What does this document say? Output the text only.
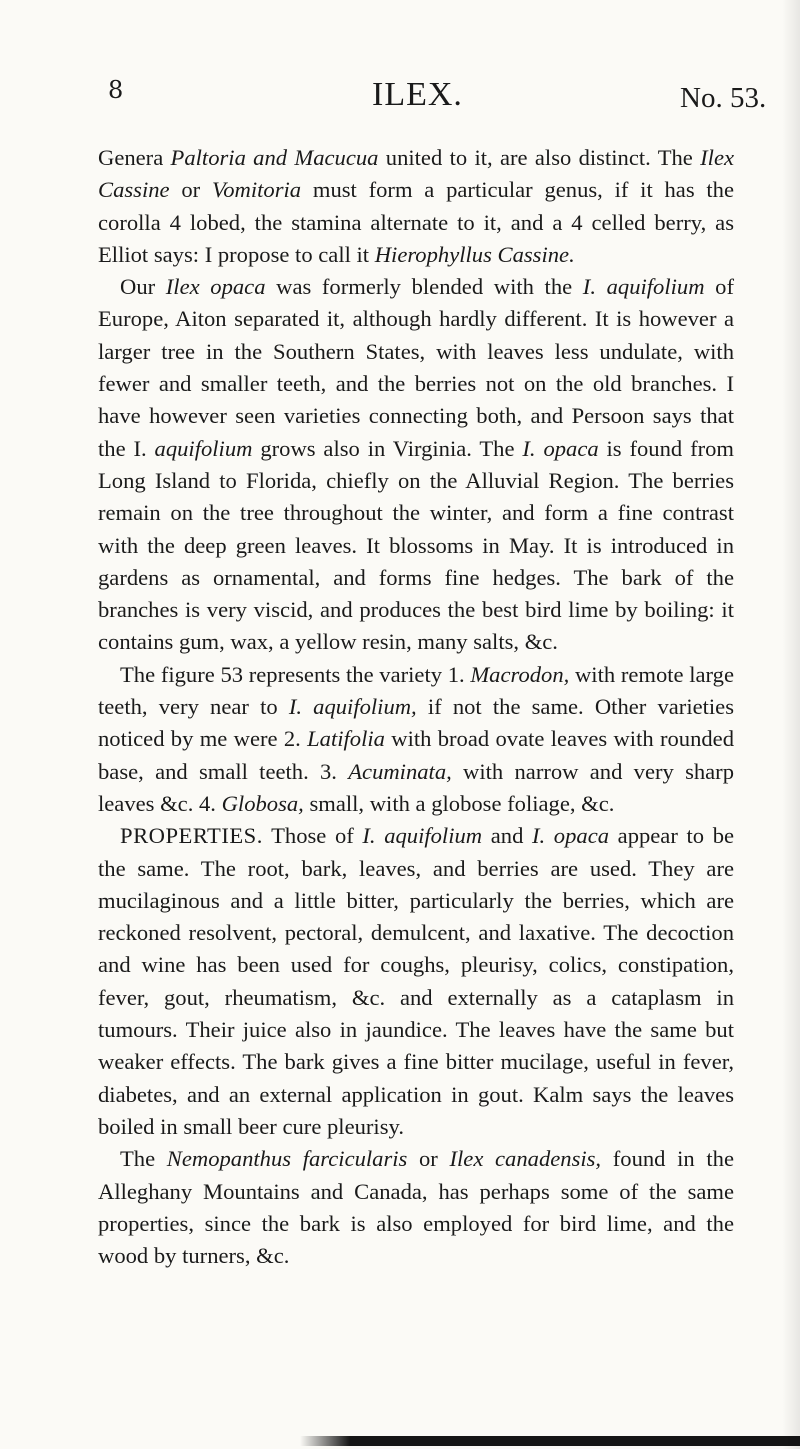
8	ILEX.	No. 53.

Genera Paltoria and Macucua united to it, are also distinct. The Ilex Cassine or Vomitoria must form a particular genus, if it has the corolla 4 lobed, the stamina alternate to it, and a 4 celled berry, as Elliot says: I propose to call it Hierophyllus Cassine.

Our Ilex opaca was formerly blended with the I. aquifolium of Europe, Aiton separated it, although hardly different. It is however a larger tree in the Southern States, with leaves less undulate, with fewer and smaller teeth, and the berries not on the old branches. I have however seen varieties connecting both, and Persoon says that the I. aquifolium grows also in Virginia. The I. opaca is found from Long Island to Florida, chiefly on the Alluvial Region. The berries remain on the tree throughout the winter, and form a fine contrast with the deep green leaves. It blossoms in May. It is introduced in gardens as ornamental, and forms fine hedges. The bark of the branches is very viscid, and produces the best bird lime by boiling: it contains gum, wax, a yellow resin, many salts, &c.

The figure 53 represents the variety 1. Macrodon, with remote large teeth, very near to I. aquifolium, if not the same. Other varieties noticed by me were 2. Latifolia with broad ovate leaves with rounded base, and small teeth. 3. Acuminata, with narrow and very sharp leaves &c. 4. Globosa, small, with a globose foliage, &c.

PROPERTIES. Those of I. aquifolium and I. opaca appear to be the same. The root, bark, leaves, and berries are used. They are mucilaginous and a little bitter, particularly the berries, which are reckoned resolvent, pectoral, demulcent, and laxative. The decoction and wine has been used for coughs, pleurisy, colics, constipation, fever, gout, rheumatism, &c. and externally as a cataplasm in tumours. Their juice also in jaundice. The leaves have the same but weaker effects. The bark gives a fine bitter mucilage, useful in fever, diabetes, and an external application in gout. Kalm says the leaves boiled in small beer cure pleurisy.

The Nemopanthus farcicularis or Ilex canadensis, found in the Alleghany Mountains and Canada, has perhaps some of the same properties, since the bark is also employed for bird lime, and the wood by turners, &c.
